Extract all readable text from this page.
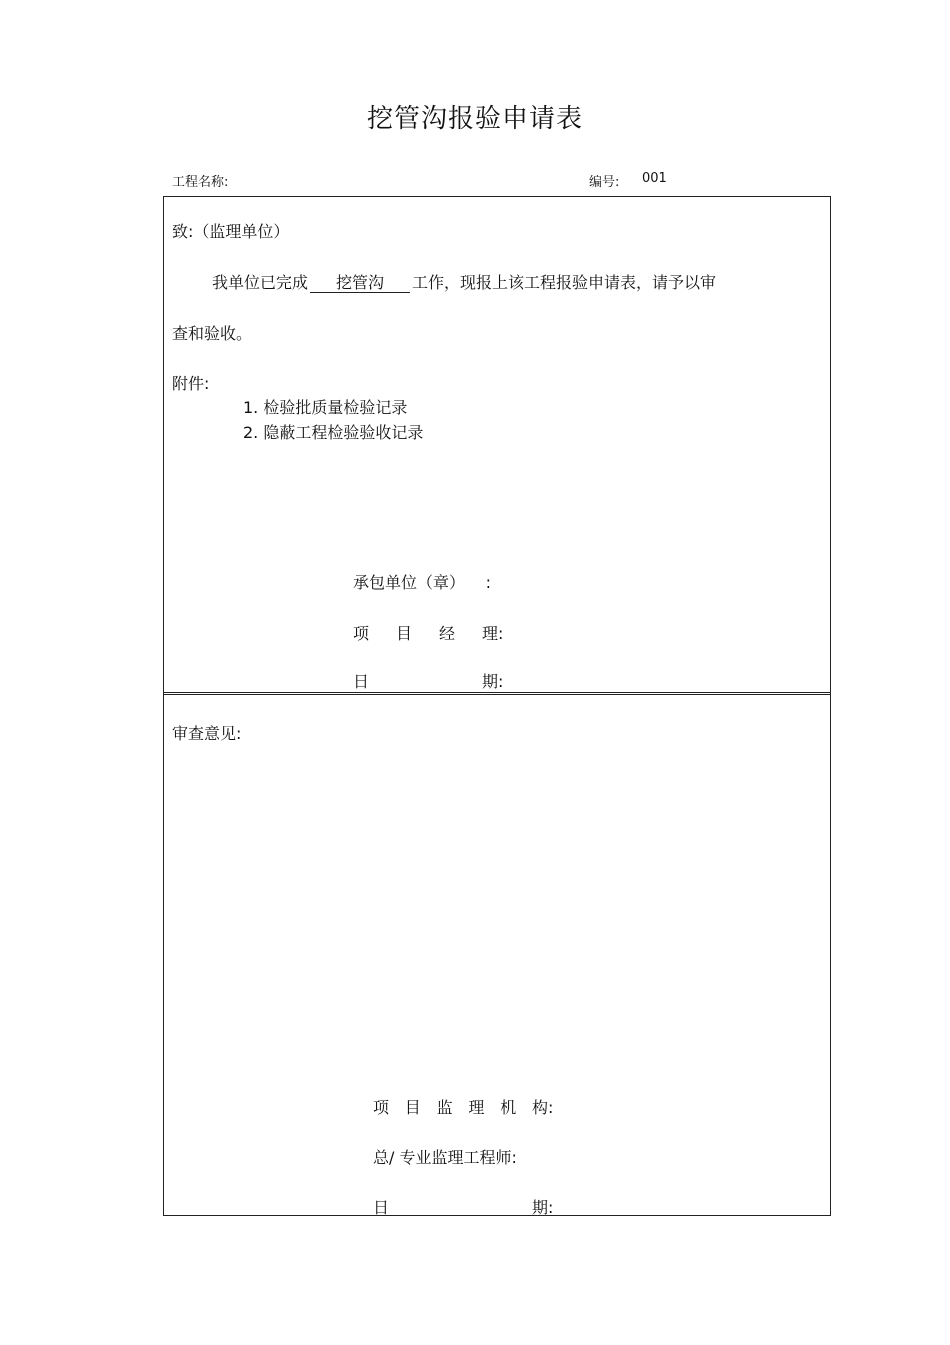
挖管沟报验申请表
工程名称:	编号: 001
致:（监理单位）
我单位已完成 挖管沟 工作，现报上该工程报验申请表，请予以审
查和验收。
附件:
1. 检验批质量检验记录
2. 隐蔽工程检验验收记录
承包单位（章） :
项目经理:
日期:
审查意见:
项目监理机构:
总/ 专业监理工程师:
日期:
